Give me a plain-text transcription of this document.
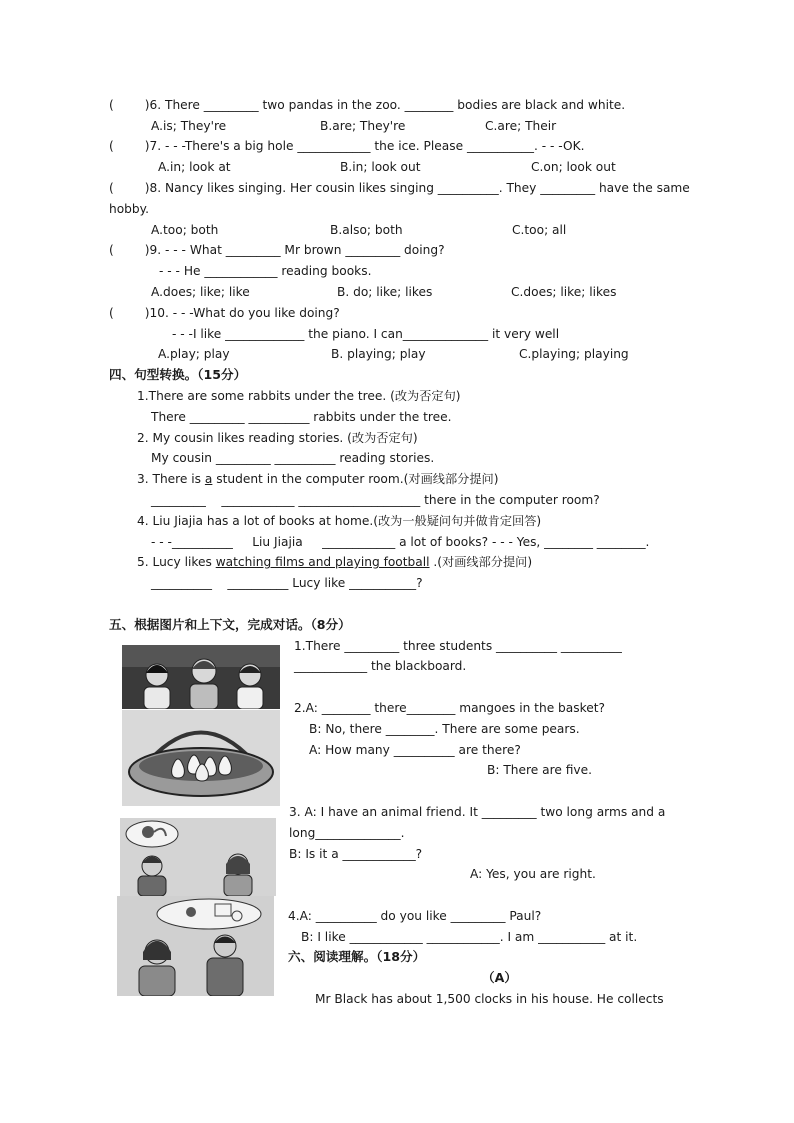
(        )6. There _________ two pandas in the zoo. ________ bodies are black and white.
A.is; They're	B.are; They're	C.are; Their
(        )7. - - -There's a big hole ____________ the ice. Please ___________. - - -OK.
A.in; look at	B.in; look out	C.on; look out
(        )8. Nancy likes singing. Her cousin likes singing __________. They _________ have the same
hobby.
A.too; both	B.also; both	C.too; all
(        )9. - - - What _________ Mr brown _________ doing?
- - - He ____________ reading books.
A.does; like; like	B. do; like; likes	C.does; like; likes
(        )10. - - -What do you like doing?
- - -I like _____________ the piano. I can______________ it very well
A.play; play	B. playing; play	C.playing; playing
四、句型转换。（15分）
1.There are some rabbits under the tree. (改为否定句)
There _________ __________ rabbits under the tree.
2. My cousin likes reading stories. (改为否定句)
My cousin _________ __________ reading stories.
3. There is a student in the computer room.(对画线部分提问)
_________    ____________ ____________________ there in the computer room?
4. Liu Jiajia has a lot of books at home.(改为一般疑问句并做肯定回答)
- - -__________     Liu Jiajia     ____________ a lot of books? - - - Yes, ________ ________.
5. Lucy likes watching films and playing football .(对画线部分提问)
__________    __________ Lucy like ___________?
五、根据图片和上下文，完成对话。（8分）
1.There _________ three students __________ __________
____________ the blackboard.
2.A: ________ there________ mangoes in the basket?
B: No, there ________. There are some pears.
A: How many __________ are there?
B: There are five.
3. A: I have an animal friend. It _________ two long arms and a
long______________.
B: Is it a ____________?
A: Yes, you are right.
4.A: __________ do you like _________ Paul?
B: I like ____________ ____________. I am ___________ at it.
六、阅读理解。（18分）
（A）
Mr Black has about 1,500 clocks in his house. He collects
